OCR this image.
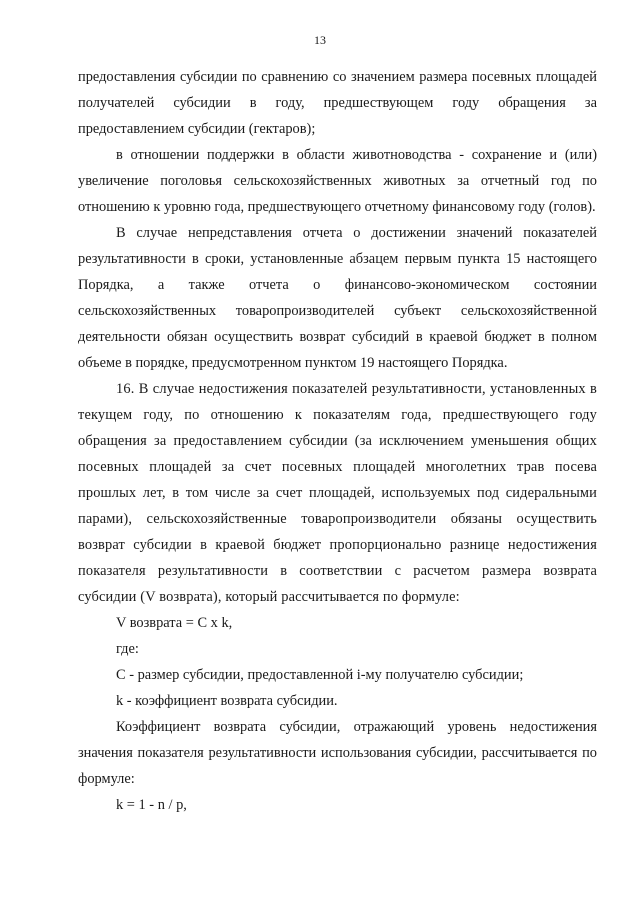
13

предоставления субсидии по сравнению со значением размера посевных площадей получателей субсидии в году, предшествующем году обращения за предоставлением субсидии (гектаров);

в отношении поддержки в области животноводства - сохранение и (или) увеличение поголовья сельскохозяйственных животных за отчетный год по отношению к уровню года, предшествующего отчетному финансовому году (голов).

В случае непредставления отчета о достижении значений показателей результативности в сроки, установленные абзацем первым пункта 15 настоящего Порядка, а также отчета о финансово-экономическом состоянии сельскохозяйственных товаропроизводителей субъект сельскохозяйственной деятельности обязан осуществить возврат субсидий в краевой бюджет в полном объеме в порядке, предусмотренном пунктом 19 настоящего Порядка.

16. В случае недостижения показателей результативности, установленных в текущем году, по отношению к показателям года, предшествующего году обращения за предоставлением субсидии (за исключением уменьшения общих посевных площадей за счет посевных площадей многолетних трав посева прошлых лет, в том числе за счет площадей, используемых под сидеральными парами), сельскохозяйственные товаропроизводители обязаны осуществить возврат субсидии в краевой бюджет пропорционально разнице недостижения показателя результативности в соответствии с расчетом размера возврата субсидии (V возврата), который рассчитывается по формуле:

V возврата = С x k,

где:

С - размер субсидии, предоставленной i-му получателю субсидии;

k - коэффициент возврата субсидии.

Коэффициент возврата субсидии, отражающий уровень недостижения значения показателя результативности использования субсидии, рассчитывается по формуле:

k = 1 - n / p,
